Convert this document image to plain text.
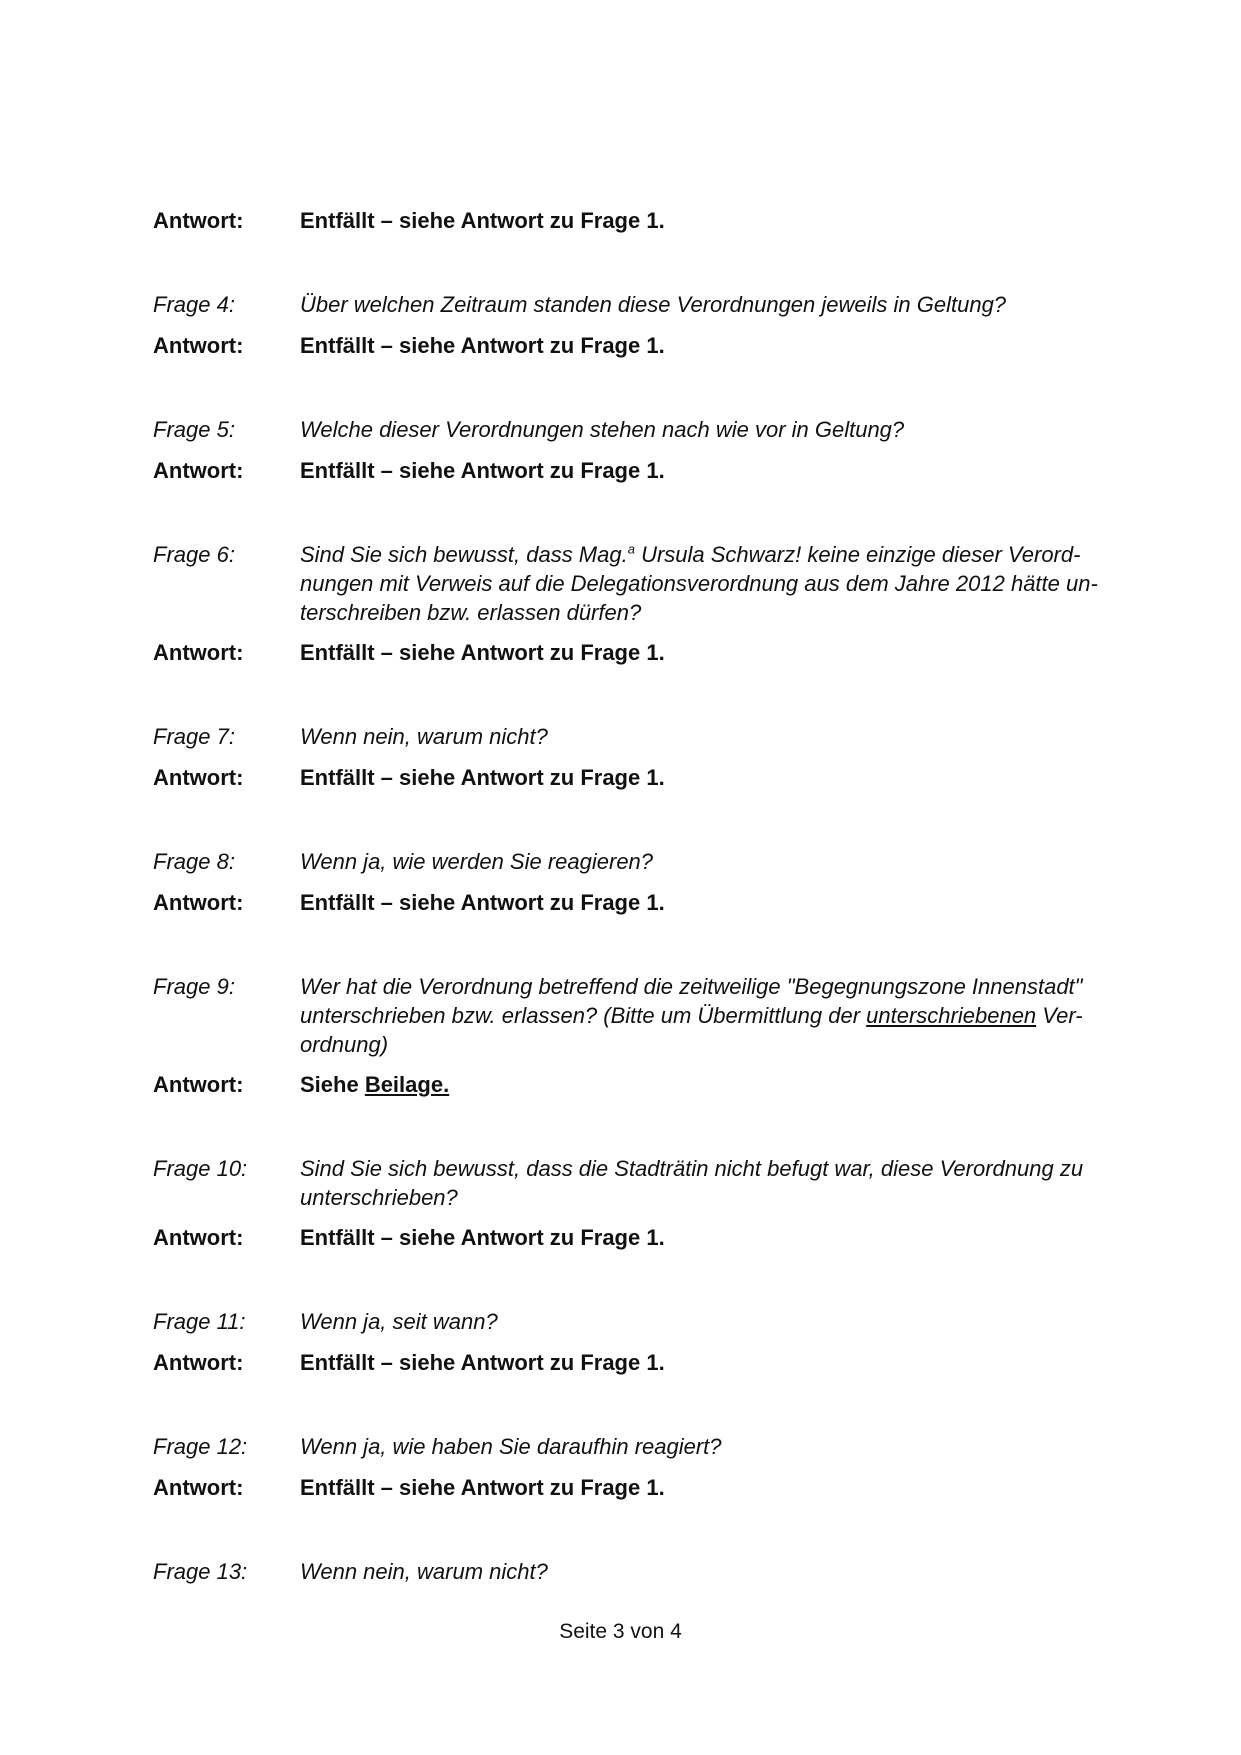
Antwort:	Entfällt – siehe Antwort zu Frage 1.
Frage 4:	Über welchen Zeitraum standen diese Verordnungen jeweils in Geltung?
Antwort:	Entfällt – siehe Antwort zu Frage 1.
Frage 5:	Welche dieser Verordnungen stehen nach wie vor in Geltung?
Antwort:	Entfällt – siehe Antwort zu Frage 1.
Frage 6:	Sind Sie sich bewusst, dass Mag.$^a$ Ursula Schwarz! keine einzige dieser Verord-
nungen mit Verweis auf die Delegationsverordnung aus dem Jahre 2012 hätte un-
terschreiben bzw. erlassen dürfen?
Antwort:	Entfällt – siehe Antwort zu Frage 1.
Frage 7:	Wenn nein, warum nicht?
Antwort:	Entfällt – siehe Antwort zu Frage 1.
Frage 8:	Wenn ja, wie werden Sie reagieren?
Antwort:	Entfällt – siehe Antwort zu Frage 1.
Frage 9:	Wer hat die Verordnung betreffend die zeitweilige "Begegnungszone Innenstadt"
unterschrieben bzw. erlassen? (Bitte um Übermittlung der unterschriebenen Ver-
ordnung)
Antwort:	Siehe Beilage.
Frage 10:	Sind Sie sich bewusst, dass die Stadträtin nicht befugt war, diese Verordnung zu
unterschrieben?
Antwort:	Entfällt – siehe Antwort zu Frage 1.
Frage 11:	Wenn ja, seit wann?
Antwort:	Entfällt – siehe Antwort zu Frage 1.
Frage 12:	Wenn ja, wie haben Sie daraufhin reagiert?
Antwort:	Entfällt – siehe Antwort zu Frage 1.
Frage 13:	Wenn nein, warum nicht?
Seite 3 von 4
